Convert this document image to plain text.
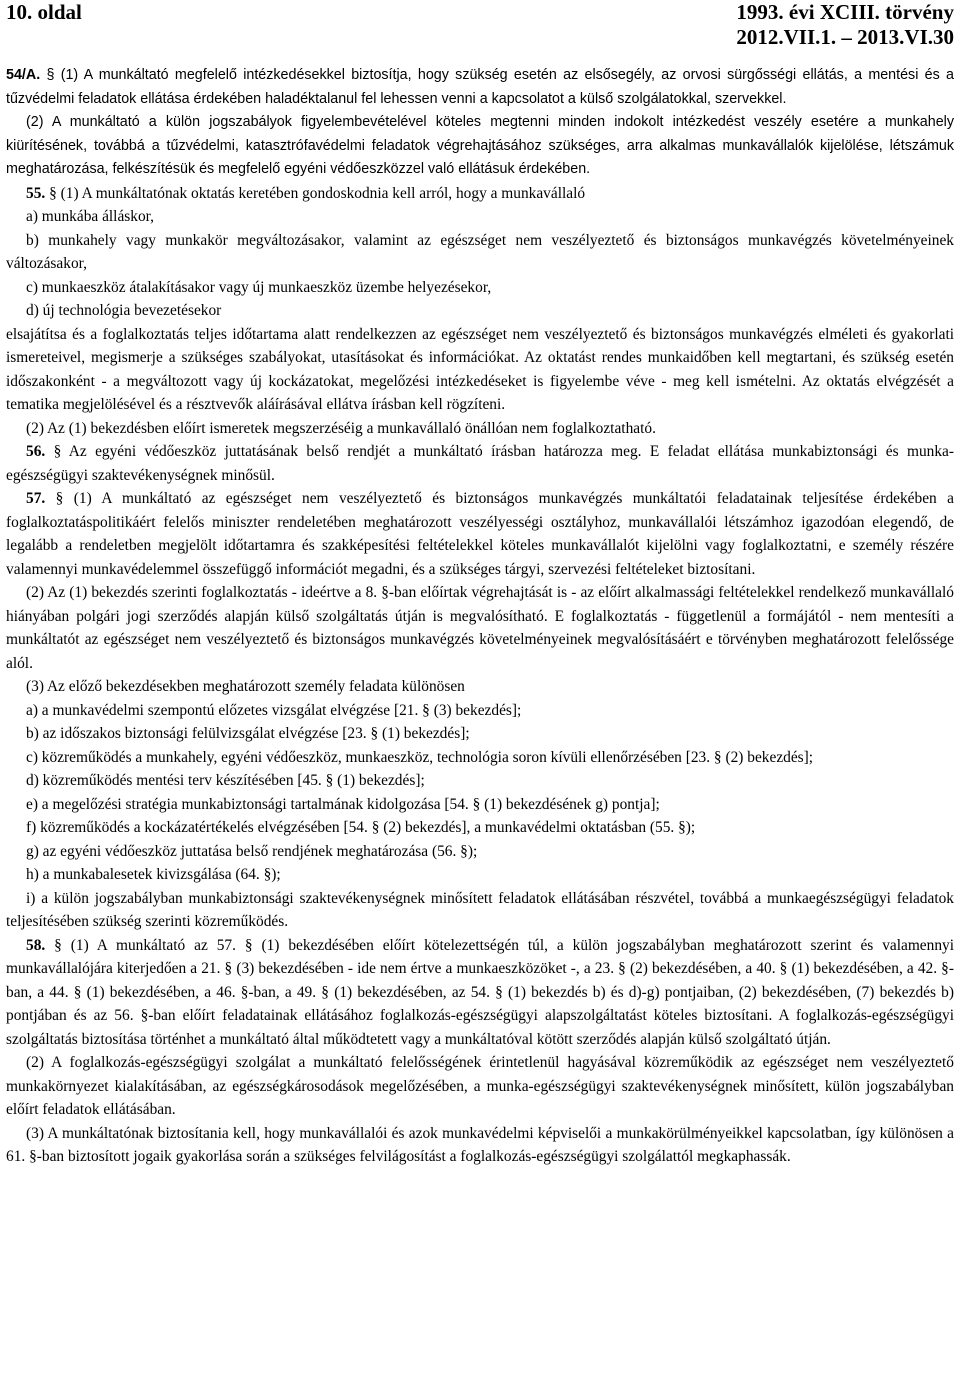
10. oldal	1993. évi XCIII. törvény
2012.VII.1. – 2013.VI.30

54/A. § (1) A munkáltató megfelelő intézkedésekkel biztosítja, hogy szükség esetén az elsősegély, az orvosi sürgősségi ellátás, a mentési és a tűzvédelmi feladatok ellátása érdekében haladéktalanul fel lehessen venni a kapcsolatot a külső szolgálatokkal, szervekkel.

(2) A munkáltató a külön jogszabályok figyelembevételével köteles megtenni minden indokolt intézkedést veszély esetére a munkahely kiürítésének, továbbá a tűzvédelmi, katasztrófavédelmi feladatok végrehajtásához szükséges, arra alkalmas munkavállalók kijelölése, létszámuk meghatározása, felkészítésük és megfelelő egyéni védőeszközzel való ellátásuk érdekében.

55. § (1) A munkáltatónak oktatás keretében gondoskodnia kell arról, hogy a munkavállaló

a) munkába álláskor,

b) munkahely vagy munkakör megváltozásakor, valamint az egészséget nem veszélyeztető és biztonságos munkavégzés követelményeinek változásakor,

c) munkaeszköz átalakításakor vagy új munkaeszköz üzembe helyezésekor,

d) új technológia bevezetésekor

elsajátítsa és a foglalkoztatás teljes időtartama alatt rendelkezzen az egészséget nem veszélyeztető és biztonságos munkavégzés elméleti és gyakorlati ismereteivel, megismerje a szükséges szabályokat, utasításokat és információkat. Az oktatást rendes munkaidőben kell megtartani, és szükség esetén időszakonként - a megváltozott vagy új kockázatokat, megelőzési intézkedéseket is figyelembe véve - meg kell ismételni. Az oktatás elvégzését a tematika megjelölésével és a résztvevők aláírásával ellátva írásban kell rögzíteni.

(2) Az (1) bekezdésben előírt ismeretek megszerzéséig a munkavállaló önállóan nem foglalkoztatható.

56. § Az egyéni védőeszköz juttatásának belső rendjét a munkáltató írásban határozza meg. E feladat ellátása munkabiztonsági és munka-egészségügyi szaktevékenységnek minősül.

57. § (1) A munkáltató az egészséget nem veszélyeztető és biztonságos munkavégzés munkáltatói feladatainak teljesítése érdekében a foglalkoztatáspolitikáért felelős miniszter rendeletében meghatározott veszélyességi osztályhoz, munkavállalói létszámhoz igazodóan elegendő, de legalább a rendeletben megjelölt időtartamra és szakképesítési feltételekkel köteles munkavállalót kijelölni vagy foglalkoztatni, e személy részére valamennyi munkavédelemmel összefüggő információt megadni, és a szükséges tárgyi, szervezési feltételeket biztosítani.

(2) Az (1) bekezdés szerinti foglalkoztatás - ideértve a 8. §-ban előírtak végrehajtását is - az előírt alkalmassági feltételekkel rendelkező munkavállaló hiányában polgári jogi szerződés alapján külső szolgáltatás útján is megvalósítható. E foglalkoztatás - függetlenül a formájától - nem mentesíti a munkáltatót az egészséget nem veszélyeztető és biztonságos munkavégzés követelményeinek megvalósításáért e törvényben meghatározott felelőssége alól.

(3) Az előző bekezdésekben meghatározott személy feladata különösen

a) a munkavédelmi szempontú előzetes vizsgálat elvégzése [21. § (3) bekezdés];

b) az időszakos biztonsági felülvizsgálat elvégzése [23. § (1) bekezdés];

c) közreműködés a munkahely, egyéni védőeszköz, munkaeszköz, technológia soron kívüli ellenőrzésében [23. § (2) bekezdés];

d) közreműködés mentési terv készítésében [45. § (1) bekezdés];

e) a megelőzési stratégia munkabiztonsági tartalmának kidolgozása [54. § (1) bekezdésének g) pontja];

f) közreműködés a kockázatértékelés elvégzésében [54. § (2) bekezdés], a munkavédelmi oktatásban (55. §);

g) az egyéni védőeszköz juttatása belső rendjének meghatározása (56. §);

h) a munkabalesetek kivizsgálása (64. §);

i) a külön jogszabályban munkabiztonsági szaktevékenységnek minősített feladatok ellátásában részvétel, továbbá a munkaegészségügyi feladatok teljesítésében szükség szerinti közreműködés.

58. § (1) A munkáltató az 57. § (1) bekezdésében előírt kötelezettségén túl, a külön jogszabályban meghatározott szerint és valamennyi munkavállalójára kiterjedően a 21. § (3) bekezdésében - ide nem értve a munkaeszközöket -, a 23. § (2) bekezdésében, a 40. § (1) bekezdésében, a 42. §-ban, a 44. § (1) bekezdésében, a 46. §-ban, a 49. § (1) bekezdésében, az 54. § (1) bekezdés b) és d)-g) pontjaiban, (2) bekezdésében, (7) bekezdés b) pontjában és az 56. §-ban előírt feladatainak ellátásához foglalkozás-egészségügyi alapszolgáltatást köteles biztosítani. A foglalkozás-egészségügyi szolgáltatás biztosítása történhet a munkáltató által működtetett vagy a munkáltatóval kötött szerződés alapján külső szolgáltató útján.

(2) A foglalkozás-egészségügyi szolgálat a munkáltató felelősségének érintetlenül hagyásával közreműködik az egészséget nem veszélyeztető munkakörnyezet kialakításában, az egészségkárosodások megelőzésében, a munka-egészségügyi szaktevékenységnek minősített, külön jogszabályban előírt feladatok ellátásában.

(3) A munkáltatónak biztosítania kell, hogy munkavállalói és azok munkavédelmi képviselői a munkakörülményeikkel kapcsolatban, így különösen a 61. §-ban biztosított jogaik gyakorlása során a szükséges felvilágosítást a foglalkozás-egészségügyi szolgálattól megkaphassák.
